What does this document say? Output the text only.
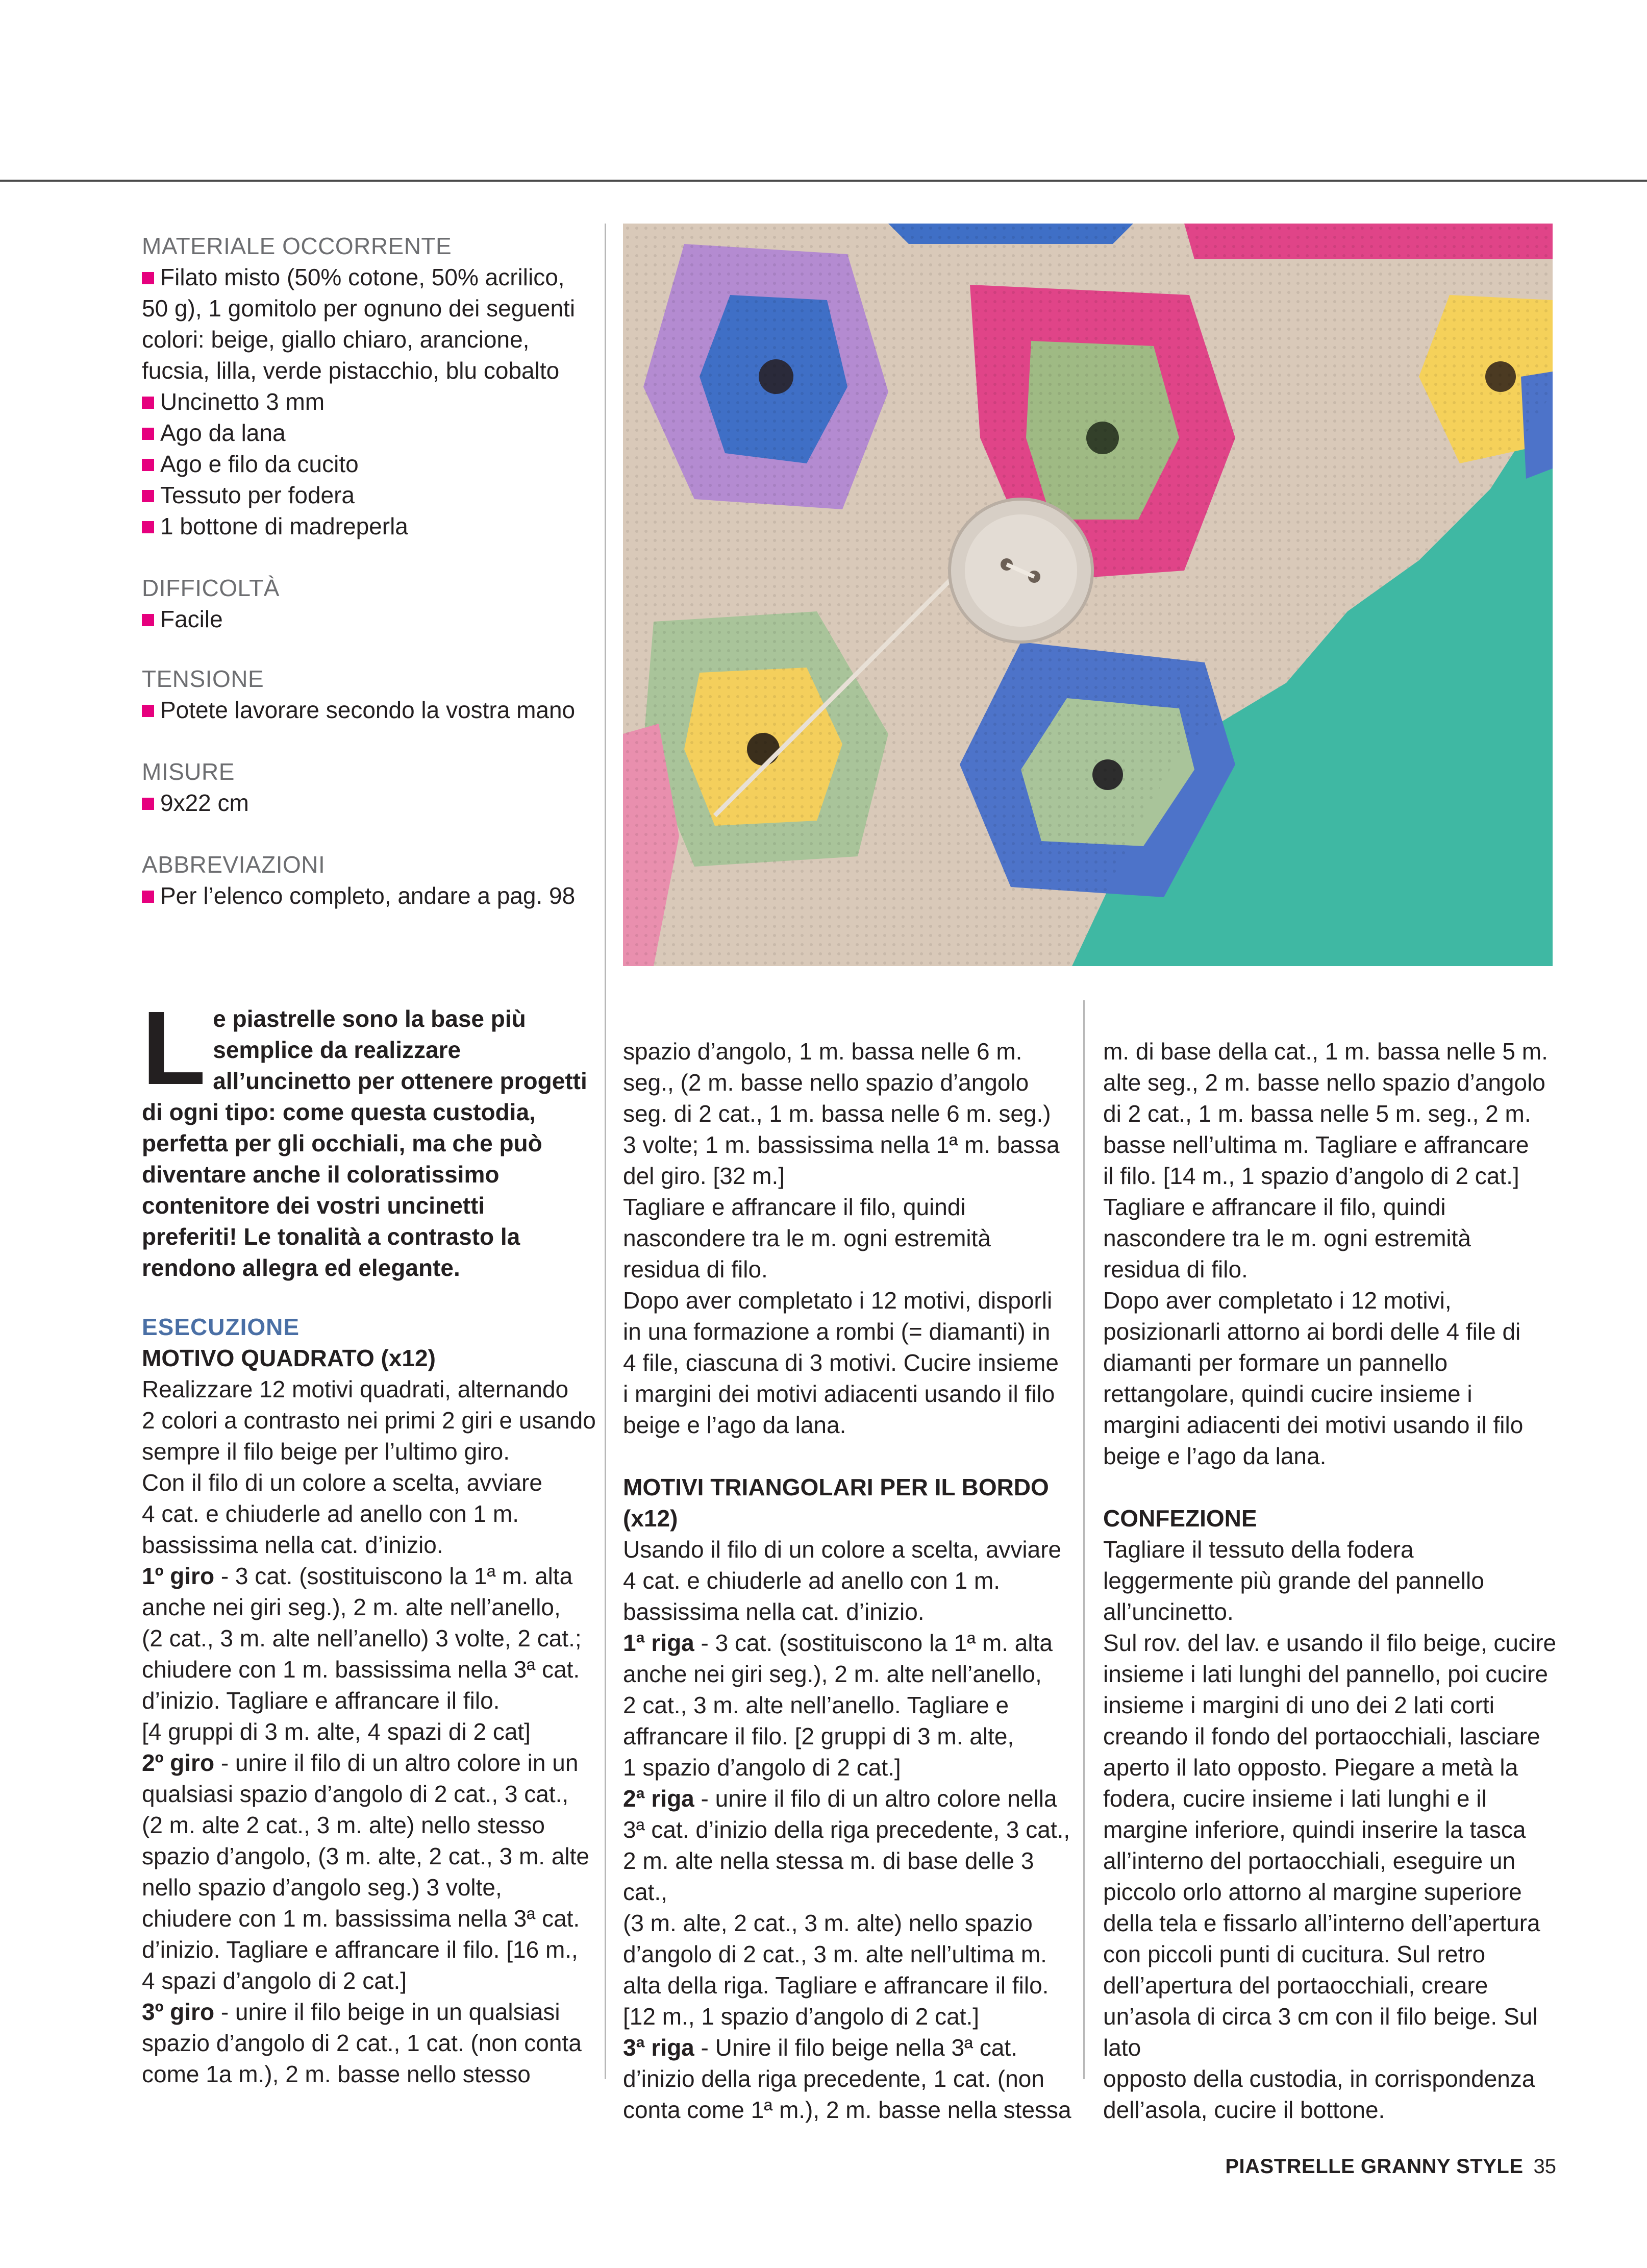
MATERIALE OCCORRENTE

Filato misto (50% cotone, 50% acrilico,

50 g), 1 gomitolo per ognuno dei seguenti

colori: beige, giallo chiaro, arancione,

fucsia, lilla, verde pistacchio, blu cobalto

Uncinetto 3 mm

Ago da lana

Ago e filo da cucito

Tessuto per fodera

1 bottone di madreperla

DIFFICOLTÀ

Facile

TENSIONE

Potete lavorare secondo la vostra mano

MISURE

9x22 cm

ABBREVIAZIONI

Per l’elenco completo, andare a pag. 98

L e piastrelle sono la base più
semplice da realizzare
all’uncinetto per ottenere progetti
di ogni tipo: come questa custodia,
perfetta per gli occhiali, ma che può
diventare anche il coloratissimo
contenitore dei vostri uncinetti
preferiti! Le tonalità a contrasto la
rendono allegra ed elegante.
ESECUZIONE
MOTIVO QUADRATO (x12)
Realizzare 12 motivi quadrati, alternando
2 colori a contrasto nei primi 2 giri e usando
sempre il filo beige per l’ultimo giro.
Con il filo di un colore a scelta, avviare
4 cat. e chiuderle ad anello con 1 m.
bassissima nella cat. d’inizio.
1º giro - 3 cat. (sostituiscono la 1ª m. alta
anche nei giri seg.), 2 m. alte nell’anello,
(2 cat., 3 m. alte nell’anello) 3 volte, 2 cat.;
chiudere con 1 m. bassissima nella 3ª cat.
d’inizio. Tagliare e affrancare il filo.
[4 gruppi di 3 m. alte, 4 spazi di 2 cat]
2º giro - unire il filo di un altro colore in un
qualsiasi spazio d’angolo di 2 cat., 3 cat.,
(2 m. alte 2 cat., 3 m. alte) nello stesso
spazio d’angolo, (3 m. alte, 2 cat., 3 m. alte
nello spazio d’angolo seg.) 3 volte,
chiudere con 1 m. bassissima nella 3ª cat.
d’inizio. Tagliare e affrancare il filo. [16 m.,
4 spazi d’angolo di 2 cat.]
3º giro - unire il filo beige in un qualsiasi
spazio d’angolo di 2 cat., 1 cat. (non conta
come 1a m.), 2 m. basse nello stesso
spazio d’angolo, 1 m. bassa nelle 6 m.
seg., (2 m. basse nello spazio d’angolo
seg. di 2 cat., 1 m. bassa nelle 6 m. seg.)
3 volte; 1 m. bassissima nella 1ª m. bassa
del giro. [32 m.]
Tagliare e affrancare il filo, quindi
nascondere tra le m. ogni estremità
residua di filo.
Dopo aver completato i 12 motivi, disporli
in una formazione a rombi (= diamanti) in
4 file, ciascuna di 3 motivi. Cucire insieme
i margini dei motivi adiacenti usando il filo
beige e l’ago da lana.
MOTIVI TRIANGOLARI PER IL BORDO
(x12)
Usando il filo di un colore a scelta, avviare
4 cat. e chiuderle ad anello con 1 m.
bassissima nella cat. d’inizio.
1ª riga - 3 cat. (sostituiscono la 1ª m. alta
anche nei giri seg.), 2 m. alte nell’anello,
2 cat., 3 m. alte nell’anello. Tagliare e
affrancare il filo. [2 gruppi di 3 m. alte,
1 spazio d’angolo di 2 cat.]
2ª riga - unire il filo di un altro colore nella
3ª cat. d’inizio della riga precedente, 3 cat.,
2 m. alte nella stessa m. di base delle 3 cat.,
(3 m. alte, 2 cat., 3 m. alte) nello spazio
d’angolo di 2 cat., 3 m. alte nell’ultima m.
alta della riga. Tagliare e affrancare il filo.
[12 m., 1 spazio d’angolo di 2 cat.]
3ª riga - Unire il filo beige nella 3ª cat.
d’inizio della riga precedente, 1 cat. (non
conta come 1ª m.), 2 m. basse nella stessa
m. di base della cat., 1 m. bassa nelle 5 m.
alte seg., 2 m. basse nello spazio d’angolo
di 2 cat., 1 m. bassa nelle 5 m. seg., 2 m.
basse nell’ultima m. Tagliare e affrancare
il filo. [14 m., 1 spazio d’angolo di 2 cat.]
Tagliare e affrancare il filo, quindi
nascondere tra le m. ogni estremità
residua di filo.
Dopo aver completato i 12 motivi,
posizionarli attorno ai bordi delle 4 file di
diamanti per formare un pannello
rettangolare, quindi cucire insieme i
margini adiacenti dei motivi usando il filo
beige e l’ago da lana.
CONFEZIONE
Tagliare il tessuto della fodera
leggermente più grande del pannello
all’uncinetto.
Sul rov. del lav. e usando il filo beige, cucire
insieme i lati lunghi del pannello, poi cucire
insieme i margini di uno dei 2 lati corti
creando il fondo del portaocchiali, lasciare
aperto il lato opposto. Piegare a metà la
fodera, cucire insieme i lati lunghi e il
margine inferiore, quindi inserire la tasca
all’interno del portaocchiali, eseguire un
piccolo orlo attorno al margine superiore
della tela e fissarlo all’interno dell’apertura
con piccoli punti di cucitura. Sul retro
dell’apertura del portaocchiali, creare
un’asola di circa 3 cm con il filo beige. Sul lato
opposto della custodia, in corrispondenza
dell’asola, cucire il bottone.
PIASTRELLE GRANNY STYLE 35
